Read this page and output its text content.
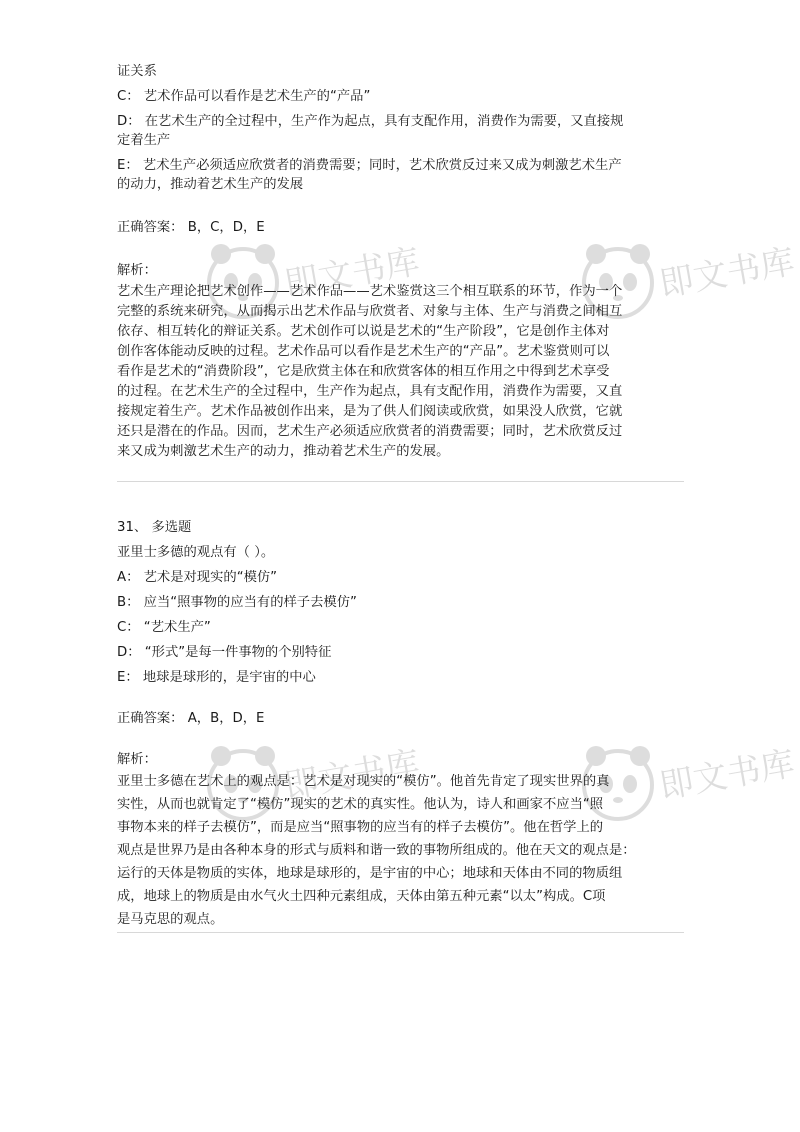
即文书库	即文书库
即文书库	即文书库
证关系
C： 艺术作品可以看作是艺术生产的“产品”
D： 在艺术生产的全过程中，生产作为起点，具有支配作用，消费作为需要，又直接规
定着生产
E： 艺术生产必须适应欣赏者的消费需要；同时，艺术欣赏反过来又成为刺激艺术生产
的动力，推动着艺术生产的发展
正确答案： B，C，D，E
解析：
艺术生产理论把艺术创作——艺术作品——艺术鉴赏这三个相互联系的环节，作为一个
完整的系统来研究，从而揭示出艺术作品与欣赏者、对象与主体、生产与消费之间相互
依存、相互转化的辩证关系。艺术创作可以说是艺术的“生产阶段”，它是创作主体对
创作客体能动反映的过程。艺术作品可以看作是艺术生产的“产品”。艺术鉴赏则可以
看作是艺术的“消费阶段”，它是欣赏主体在和欣赏客体的相互作用之中得到艺术享受
的过程。在艺术生产的全过程中，生产作为起点，具有支配作用，消费作为需要，又直
接规定着生产。艺术作品被创作出来，是为了供人们阅读或欣赏，如果没人欣赏，它就
还只是潜在的作品。因而，艺术生产必须适应欣赏者的消费需要；同时，艺术欣赏反过
来又成为刺激艺术生产的动力，推动着艺术生产的发展。
31、 多选题
亚里士多德的观点有（ ）。
A： 艺术是对现实的“模仿”
B： 应当“照事物的应当有的样子去模仿”
C： “艺术生产”
D： “形式”是每一件事物的个别特征
E： 地球是球形的，是宇宙的中心
正确答案： A，B，D，E
解析：
亚里士多德在艺术上的观点是：艺术是对现实的“模仿”。他首先肯定了现实世界的真
实性，从而也就肯定了“模仿”现实的艺术的真实性。他认为，诗人和画家不应当“照
事物本来的样子去模仿”，而是应当“照事物的应当有的样子去模仿”。他在哲学上的
观点是世界乃是由各种本身的形式与质料和谐一致的事物所组成的。他在天文的观点是：
运行的天体是物质的实体，地球是球形的，是宇宙的中心；地球和天体由不同的物质组
成，地球上的物质是由水气火土四种元素组成，天体由第五种元素“以太”构成。C项
是马克思的观点。
